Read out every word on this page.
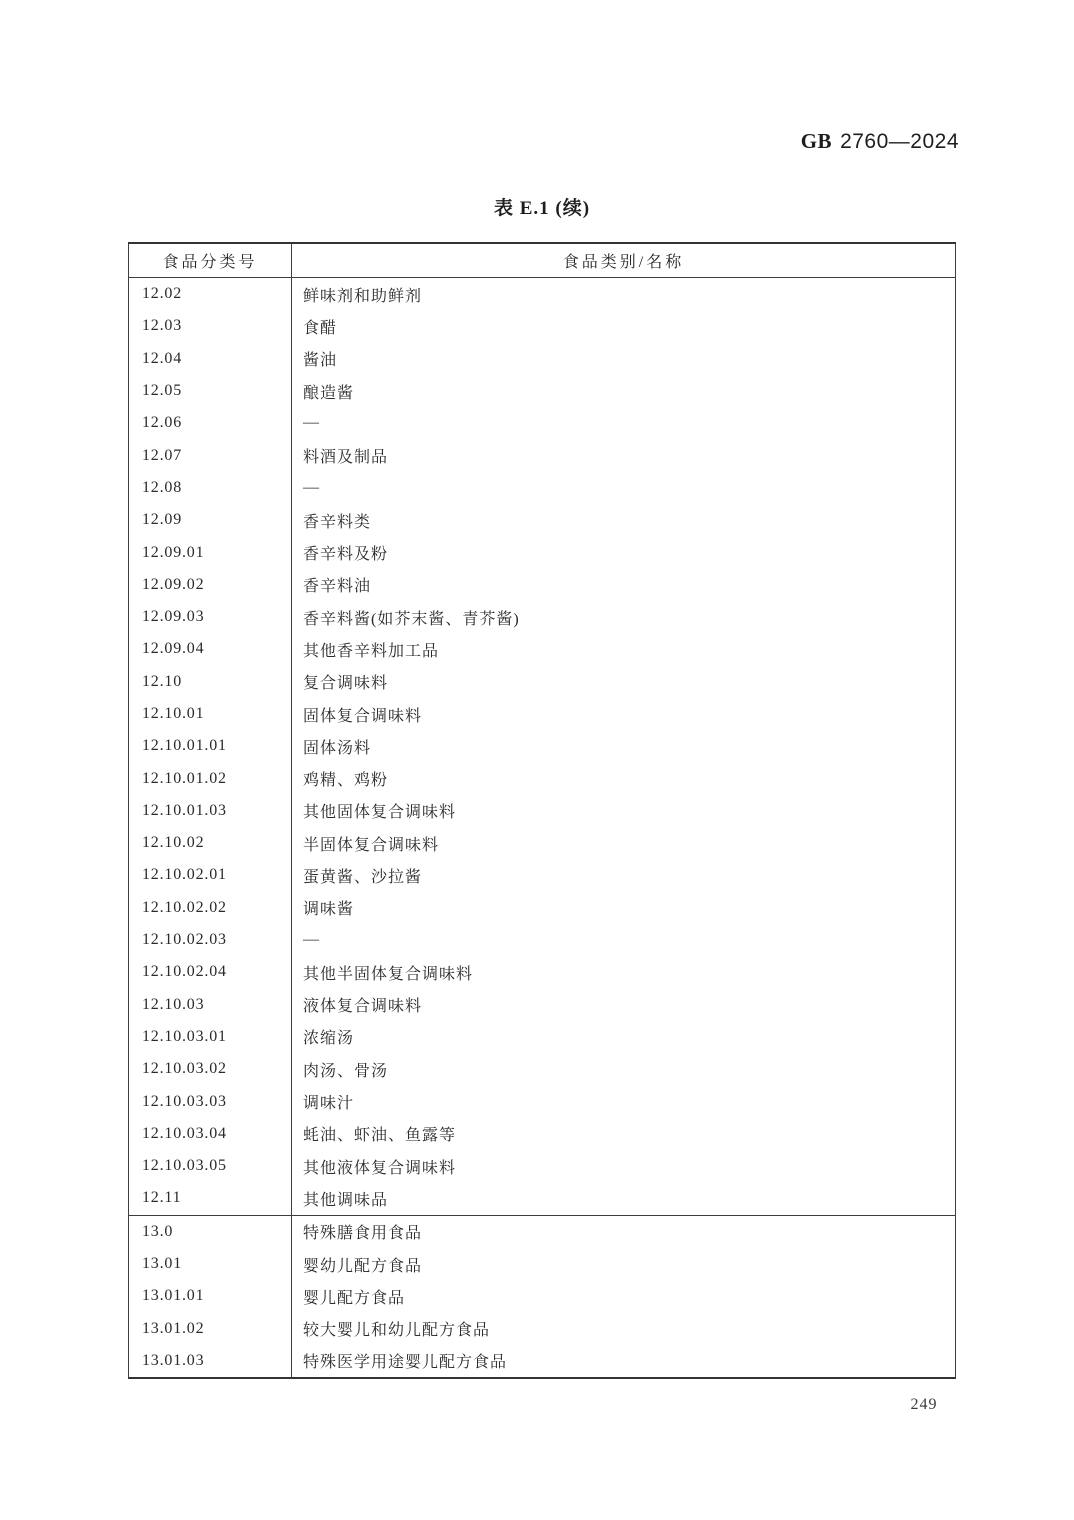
GB 2760—2024
表 E.1 (续)
食品分类号	食品类别/名称
12.02	鲜味剂和助鲜剂
12.03	食醋
12.04	酱油
12.05	酿造酱
12.06	—
12.07	料酒及制品
12.08	—
12.09	香辛料类
12.09.01	香辛料及粉
12.09.02	香辛料油
12.09.03	香辛料酱(如芥末酱、青芥酱)
12.09.04	其他香辛料加工品
12.10	复合调味料
12.10.01	固体复合调味料
12.10.01.01	固体汤料
12.10.01.02	鸡精、鸡粉
12.10.01.03	其他固体复合调味料
12.10.02	半固体复合调味料
12.10.02.01	蛋黄酱、沙拉酱
12.10.02.02	调味酱
12.10.02.03	—
12.10.02.04	其他半固体复合调味料
12.10.03	液体复合调味料
12.10.03.01	浓缩汤
12.10.03.02	肉汤、骨汤
12.10.03.03	调味汁
12.10.03.04	蚝油、虾油、鱼露等
12.10.03.05	其他液体复合调味料
12.11	其他调味品
13.0	特殊膳食用食品
13.01	婴幼儿配方食品
13.01.01	婴儿配方食品
13.01.02	较大婴儿和幼儿配方食品
13.01.03	特殊医学用途婴儿配方食品
249
